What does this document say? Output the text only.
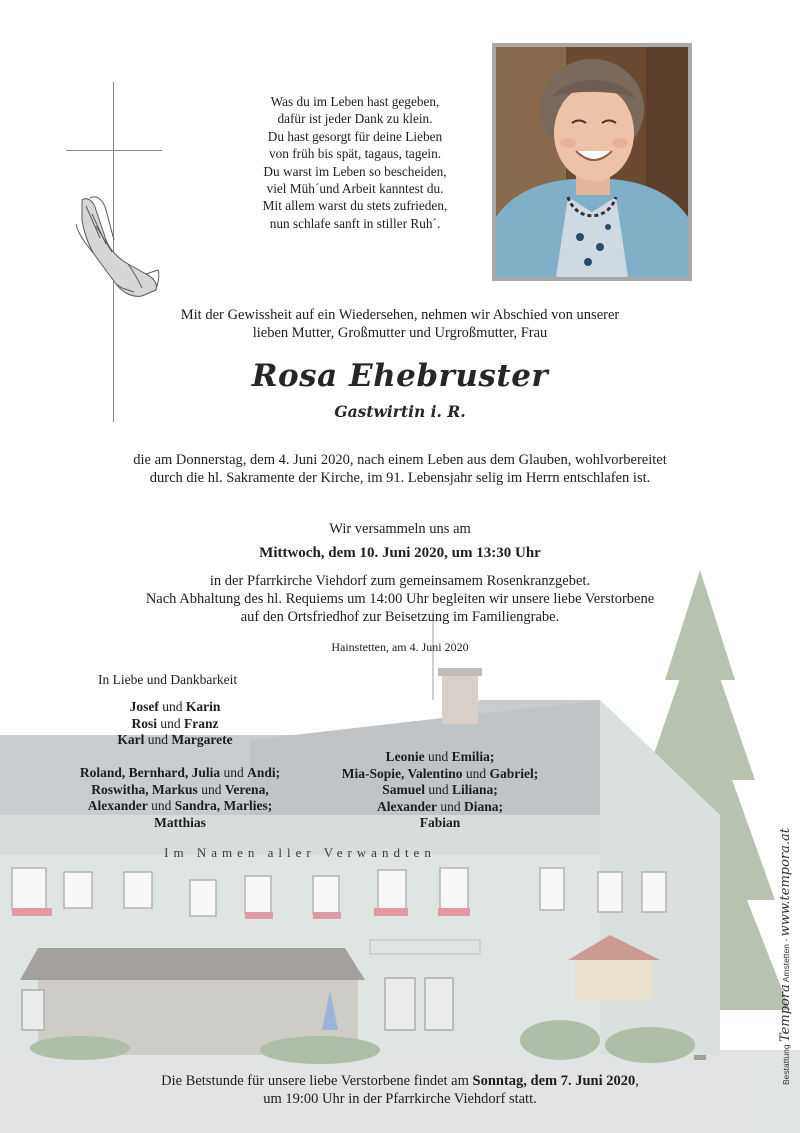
Was du im Leben hast gegeben,
dafür ist jeder Dank zu klein.
Du hast gesorgt für deine Lieben
von früh bis spät, tagaus, tagein.
Du warst im Leben so bescheiden,
viel Müh´und Arbeit kanntest du.
Mit allem warst du stets zufrieden,
nun schlafe sanft in stiller Ruh´.
Mit der Gewissheit auf ein Wiedersehen, nehmen wir Abschied von unserer
lieben Mutter, Großmutter und Urgroßmutter, Frau
Rosa Ehebruster
Gastwirtin i. R.
die am Donnerstag, dem 4. Juni 2020, nach einem Leben aus dem Glauben, wohlvorbereitet
durch die hl. Sakramente der Kirche, im 91. Lebensjahr selig im Herrn entschlafen ist.
Wir versammeln uns am
Mittwoch, dem 10. Juni 2020, um 13:30 Uhr
in der Pfarrkirche Viehdorf zum gemeinsamem Rosenkranzgebet.
Nach Abhaltung des hl. Requiems um 14:00 Uhr begleiten wir unsere liebe Verstorbene
auf den Ortsfriedhof zur Beisetzung im Familiengrabe.
Hainstetten, am 4. Juni 2020
In Liebe und Dankbarkeit
Josef und Karin
Rosi und Franz
Karl und Margarete
Roland, Bernhard, Julia und Andi;
Roswitha, Markus und Verena,
Alexander und Sandra, Marlies;
Matthias
Leonie und Emilia;
Mia-Sopie, Valentino und Gabriel;
Samuel und Liliana;
Alexander und Diana;
Fabian
Im Namen aller Verwandten
Die Betstunde für unsere liebe Verstorbene findet am Sonntag, dem 7. Juni 2020,
um 19:00 Uhr in der Pfarrkirche Viehdorf statt.
Bestattung Tempora Amstetten - www.tempora.at
